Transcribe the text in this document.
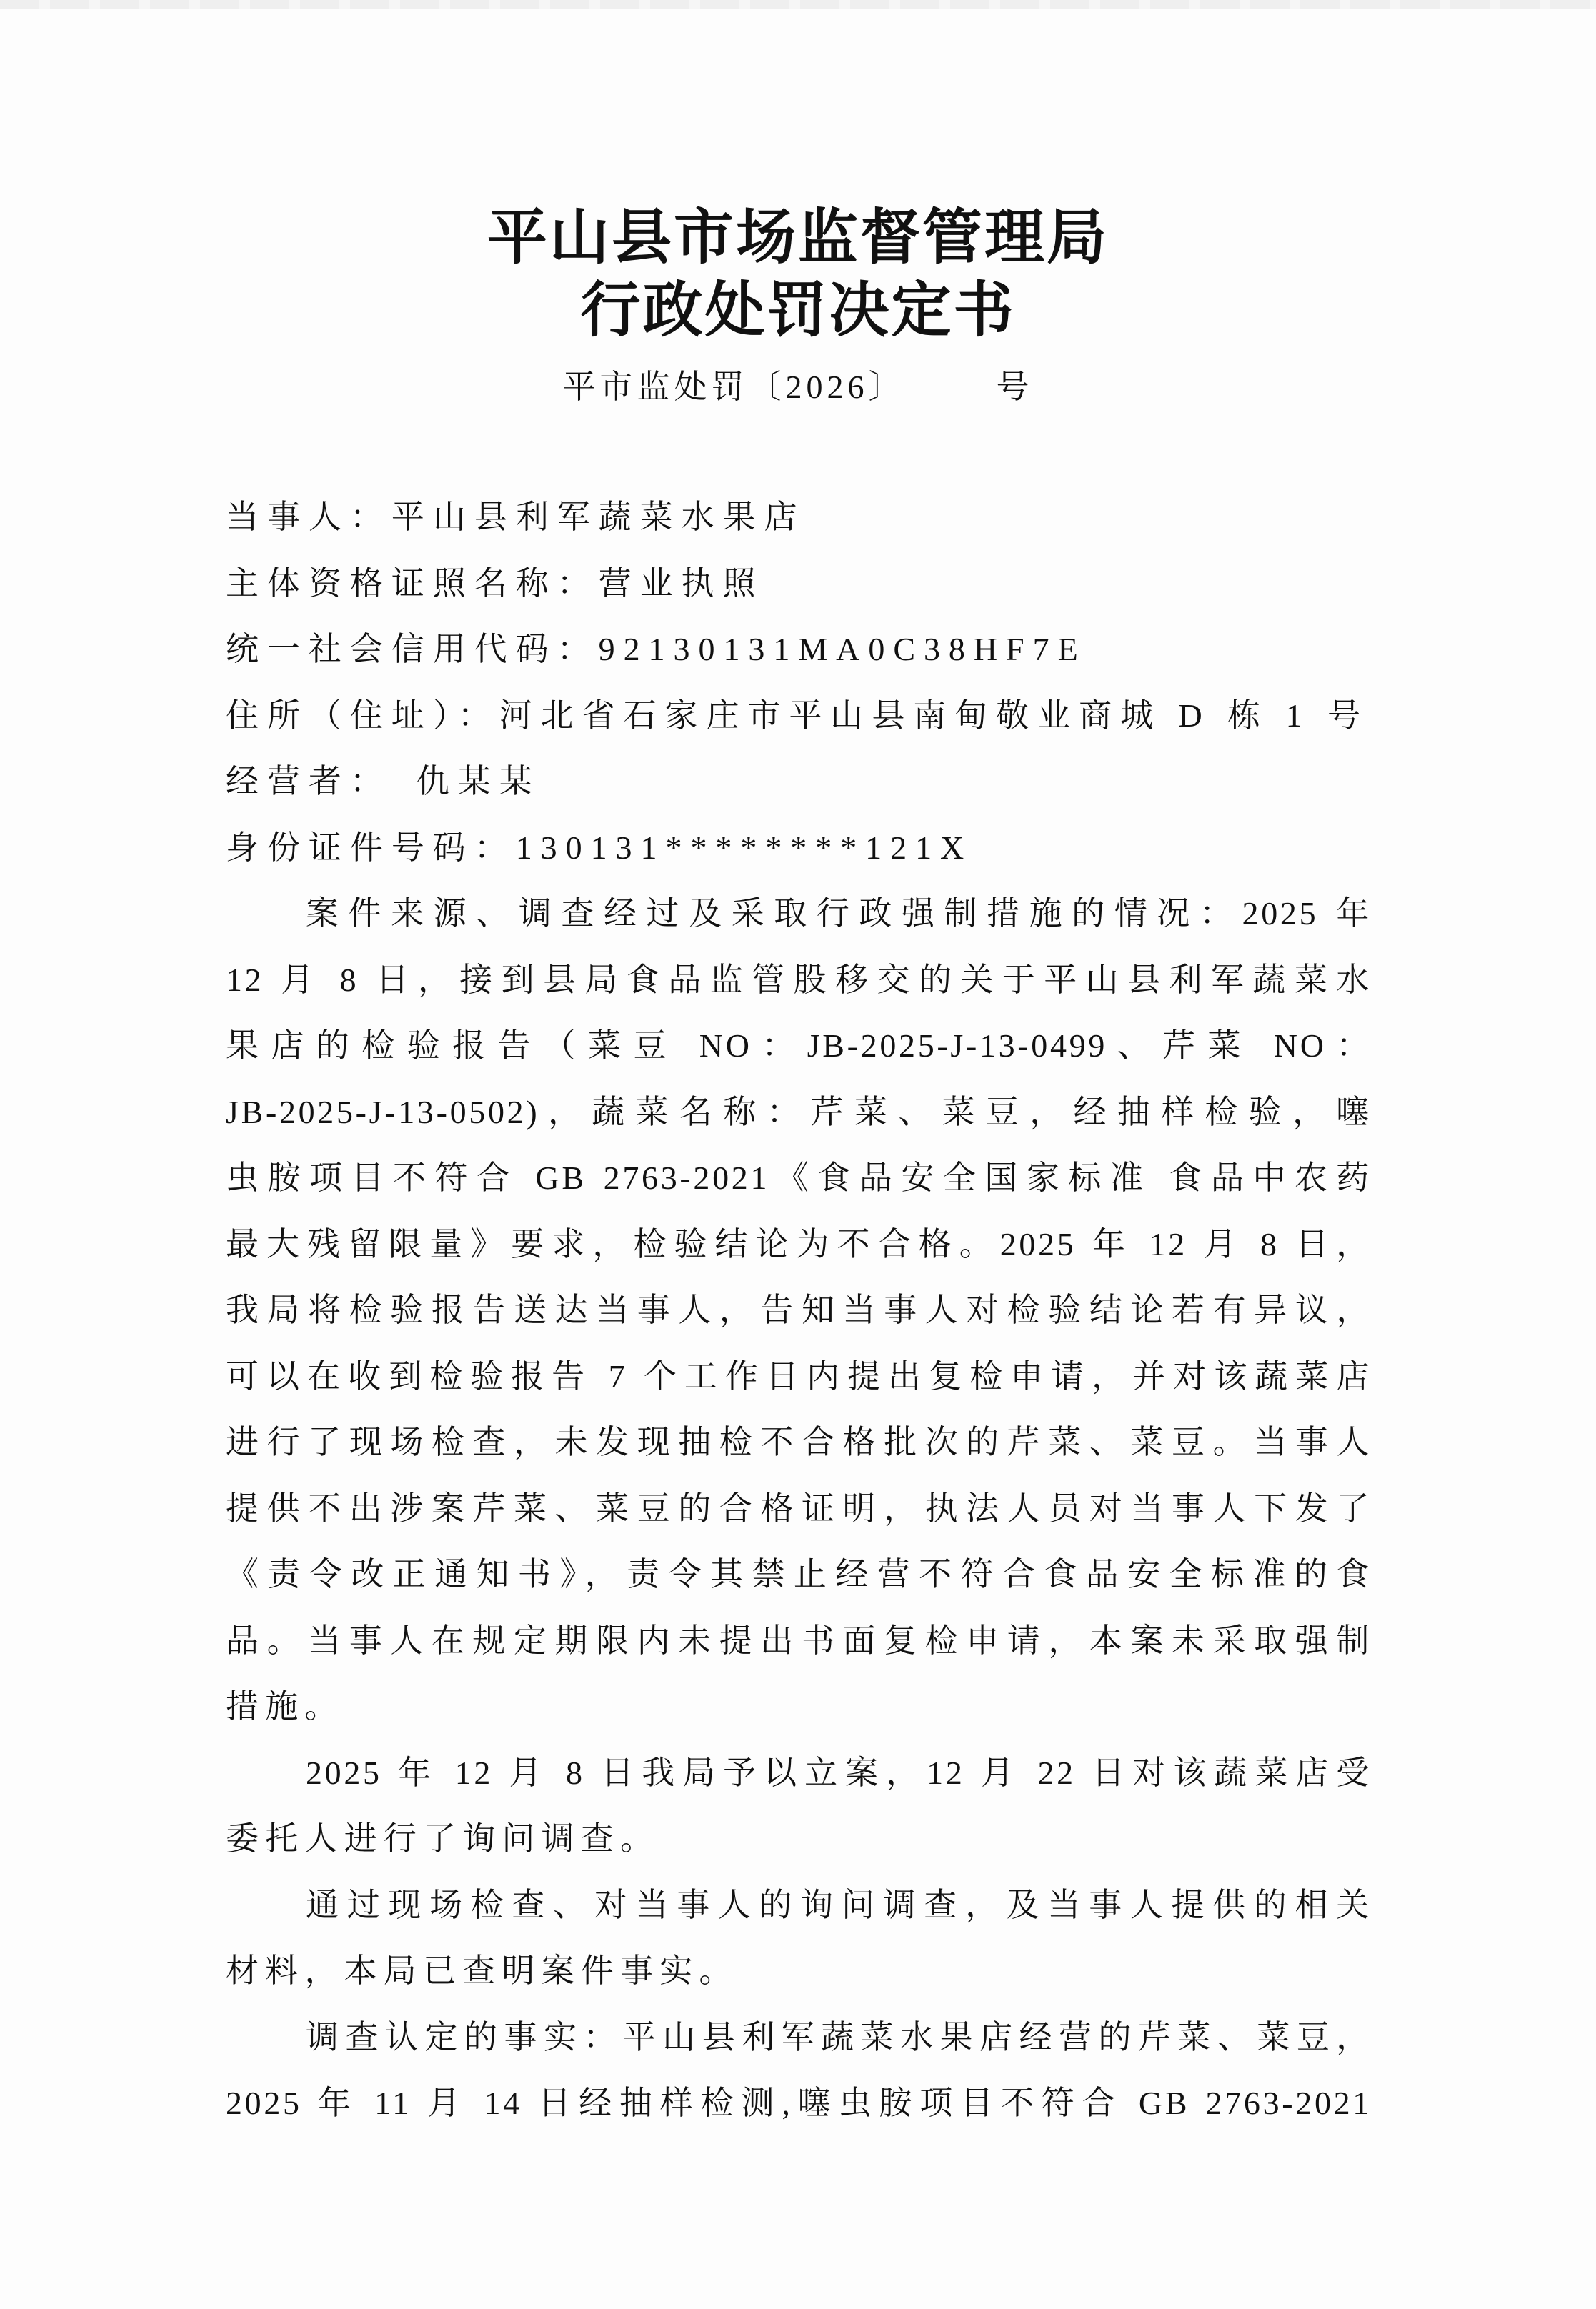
平山县市场监督管理局
行政处罚决定书
平市监处罚〔2026〕	号
当事人：平山县利军蔬菜水果店
主体资格证照名称：营业执照
统一社会信用代码：92130131MA0C38HF7E
住所（住址）：河北省石家庄市平山县南甸敬业商城 D 栋 1 号
经营者：　仇某某
身份证件号码：130131********121X
案件来源、调查经过及采取行政强制措施的情况：2025 年
12 月 8 日，接到县局食品监管股移交的关于平山县利军蔬菜水
果店的检验报告（菜豆 NO：JB-2025-J-13-0499、芹菜 NO：
JB-2025-J-13-0502)，蔬菜名称：芹菜、菜豆，经抽样检验，噻
虫胺项目不符合 GB 2763-2021《食品安全国家标准 食品中农药
最大残留限量》要求，检验结论为不合格。2025 年 12 月 8 日，
我局将检验报告送达当事人，告知当事人对检验结论若有异议，
可以在收到检验报告 7 个工作日内提出复检申请，并对该蔬菜店
进行了现场检查，未发现抽检不合格批次的芹菜、菜豆。当事人
提供不出涉案芹菜、菜豆的合格证明，执法人员对当事人下发了
《责令改正通知书》，责令其禁止经营不符合食品安全标准的食
品。当事人在规定期限内未提出书面复检申请，本案未采取强制
措施。
2025 年 12 月 8 日我局予以立案，12 月 22 日对该蔬菜店受
委托人进行了询问调查。
通过现场检查、对当事人的询问调查，及当事人提供的相关
材料，本局已查明案件事实。
调查认定的事实：平山县利军蔬菜水果店经营的芹菜、菜豆，
2025 年 11 月 14 日经抽样检测,噻虫胺项目不符合 GB 2763-2021
